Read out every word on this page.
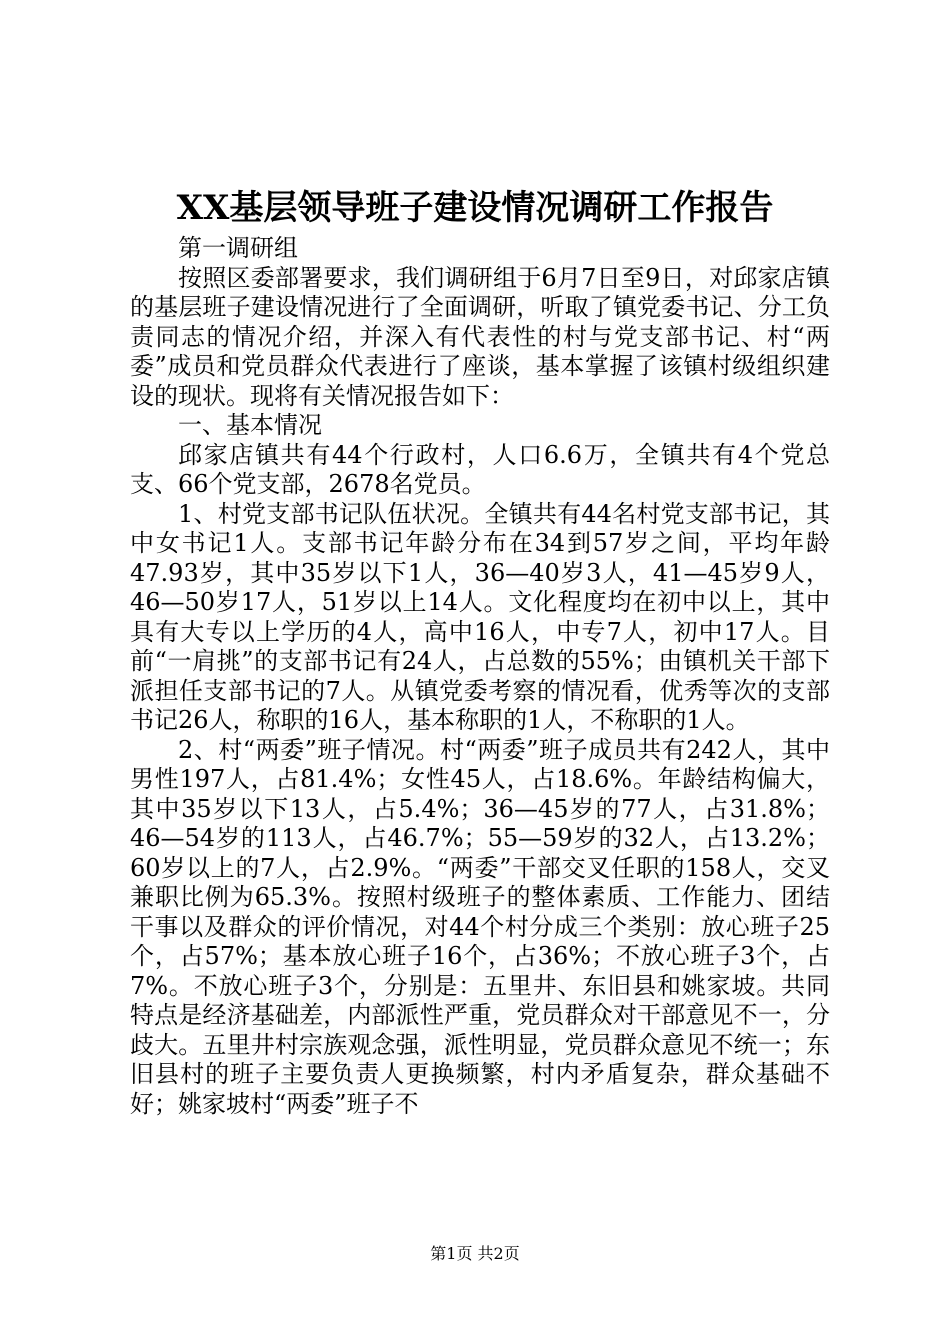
XX基层领导班子建设情况调研工作报告

第一调研组

按照区委部署要求，我们调研组于6月7日至9日，对邱家店镇的基层班子建设情况进行了全面调研，听取了镇党委书记、分工负责同志的情况介绍，并深入有代表性的村与党支部书记、村“两委”成员和党员群众代表进行了座谈，基本掌握了该镇村级组织建设的现状。现将有关情况报告如下：

一、基本情况

邱家店镇共有44个行政村，人口6.6万，全镇共有4个党总支、66个党支部，2678名党员。

1、村党支部书记队伍状况。全镇共有44名村党支部书记，其中女书记1人。支部书记年龄分布在34到57岁之间，平均年龄47.93岁，其中35岁以下1人，36—40岁3人，41—45岁9人，46—50岁17人，51岁以上14人。文化程度均在初中以上，其中具有大专以上学历的4人，高中16人，中专7人，初中17人。目前“一肩挑”的支部书记有24人，占总数的55%；由镇机关干部下派担任支部书记的7人。从镇党委考察的情况看，优秀等次的支部书记26人，称职的16人，基本称职的1人，不称职的1人。

2、村“两委”班子情况。村“两委”班子成员共有242人，其中男性197人，占81.4%；女性45人，占18.6%。年龄结构偏大，其中35岁以下13人，占5.4%；36—45岁的77人，占31.8%；46—54岁的113人，占46.7%；55—59岁的32人，占13.2%；60岁以上的7人，占2.9%。“两委”干部交叉任职的158人，交叉兼职比例为65.3%。按照村级班子的整体素质、工作能力、团结干事以及群众的评价情况，对44个村分成三个类别：放心班子25个，占57%；基本放心班子16个，占36%；不放心班子3个，占7%。不放心班子3个，分别是：五里井、东旧县和姚家坡。共同特点是经济基础差，内部派性严重，党员群众对干部意见不一，分歧大。五里井村宗族观念强，派性明显，党员群众意见不统一；东旧县村的班子主要负责人更换频繁，村内矛盾复杂，群众基础不好；姚家坡村“两委”班子不

第1页 共2页
